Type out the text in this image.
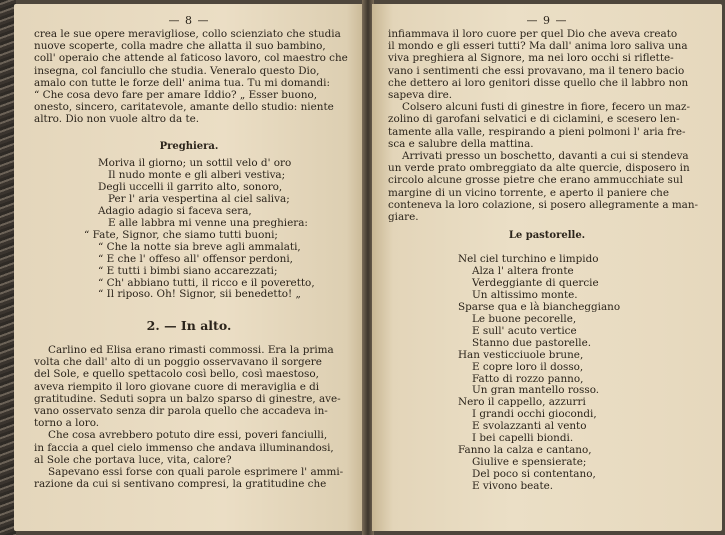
— 8 —
crea le sue opere meravigliose, collo scienziato che studia
nuove scoperte, colla madre che allatta il suo bambino,
coll' operaio che attende al faticoso lavoro, col maestro che
insegna, col fanciullo che studia. Veneralo questo Dio,
amalo con tutte le forze dell' anima tua. Tu mi domandi:
“ Che cosa devo fare per amare Iddio? „ Esser buono,
onesto, sincero, caritatevole, amante dello studio: niente
altro. Dio non vuole altro da te.
Preghiera.
Moriva il giorno; un sottil velo d' oro
Il nudo monte e gli alberi vestiva;
Degli uccelli il garrito alto, sonoro,
Per l' aria vespertina al ciel saliva;
Adagio adagio si faceva sera,
E alle labbra mi venne una preghiera:
“ Fate, Signor, che siamo tutti buoni;
“ Che la notte sia breve agli ammalati,
“ E che l' offeso all' offensor perdoni,
“ E tutti i bimbi siano accarezzati;
“ Ch' abbiano tutti, il ricco e il poveretto,
“ Il riposo. Oh! Signor, sii benedetto! „
2. — In alto.
Carlino ed Elisa erano rimasti commossi. Era la prima
volta che dall' alto di un poggio osservavano il sorgere
del Sole, e quello spettacolo così bello, così maestoso,
aveva riempito il loro giovane cuore di meraviglia e di
gratitudine. Seduti sopra un balzo sparso di ginestre, ave-
vano osservato senza dir parola quello che accadeva in-
torno a loro.
Che cosa avrebbero potuto dire essi, poveri fanciulli,
in faccia a quel cielo immenso che andava illuminandosi,
al Sole che portava luce, vita, calore?
Sapevano essi forse con quali parole esprimere l' ammi-
razione da cui si sentivano compresi, la gratitudine che
— 9 —
infiammava il loro cuore per quel Dio che aveva creato
il mondo e gli esseri tutti? Ma dall' anima loro saliva una
viva preghiera al Signore, ma nei loro occhi si riflette-
vano i sentimenti che essi provavano, ma il tenero bacio
che dettero ai loro genitori disse quello che il labbro non
sapeva dire.
Colsero alcuni fusti di ginestre in fiore, fecero un maz-
zolino di garofani selvatici e di ciclamini, e scesero len-
tamente alla valle, respirando a pieni polmoni l' aria fre-
sca e salubre della mattina.
Arrivati presso un boschetto, davanti a cui si stendeva
un verde prato ombreggiato da alte quercie, disposero in
circolo alcune grosse pietre che erano ammucchiate sul
margine di un vicino torrente, e aperto il paniere che
conteneva la loro colazione, si posero allegramente a man-
giare.
Le pastorelle.
Nel ciel turchino e limpido
Alza l' altera fronte
Verdeggiante di quercie
Un altissimo monte.
Sparse qua e là biancheggiano
Le buone pecorelle,
E sull' acuto vertice
Stanno due pastorelle.
Han vesticciuole brune,
E copre loro il dosso,
Fatto di rozzo panno,
Un gran mantello rosso.
Nero il cappello, azzurri
I grandi occhi giocondi,
E svolazzanti al vento
I bei capelli biondi.
Fanno la calza e cantano,
Giulive e spensierate;
Del poco si contentano,
E vivono beate.
